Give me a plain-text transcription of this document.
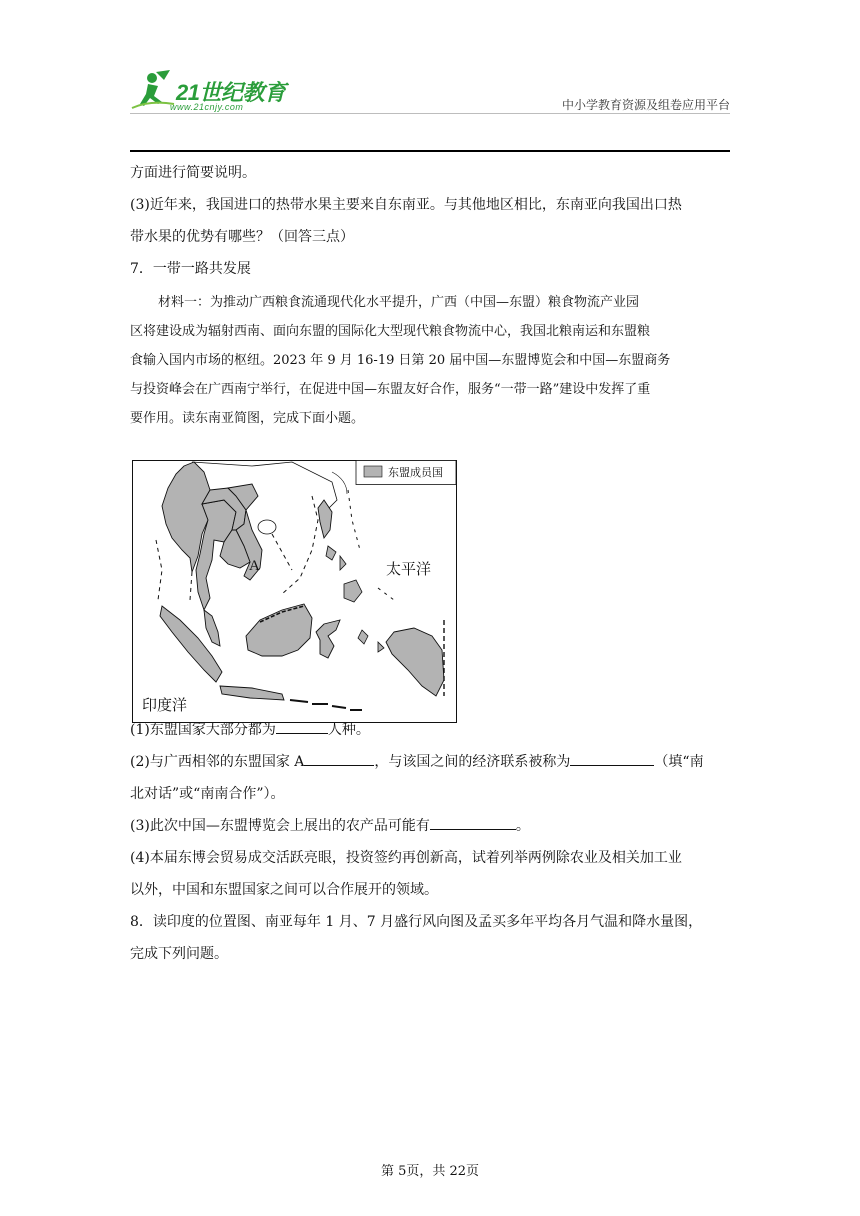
21世纪教育
www.21cnjy.com	中小学教育资源及组卷应用平台

方面进行简要说明。

(3)近年来，我国进口的热带水果主要来自东南亚。与其他地区相比，东南亚向我国出口热

带水果的优势有哪些？（回答三点）

7．一带一路共发展

材料一：为推动广西粮食流通现代化水平提升，广西（中国—东盟）粮食物流产业园

区将建设成为辐射西南、面向东盟的国际化大型现代粮食物流中心，我国北粮南运和东盟粮

食输入国内市场的枢纽。2023 年 9 月 16-19 日第 20 届中国—东盟博览会和中国—东盟商务

与投资峰会在广西南宁举行，在促进中国—东盟友好合作，服务“一带一路”建设中发挥了重

要作用。读东南亚简图，完成下面小题。

(1)东盟国家大部分都为	人种。

(2)与广西相邻的东盟国家 A	，与该国之间的经济联系被称为	（填“南

北对话”或“南南合作”）。

(3)此次中国—东盟博览会上展出的农产品可能有	。

(4)本届东博会贸易成交活跃亮眼，投资签约再创新高，试着列举两例除农业及相关加工业

以外，中国和东盟国家之间可以合作展开的领域。

8．读印度的位置图、南亚每年 1 月、7 月盛行风向图及孟买多年平均各月气温和降水量图，

完成下列问题。

东盟成员国
A	太平洋
印度洋
第 5页，共 22页
